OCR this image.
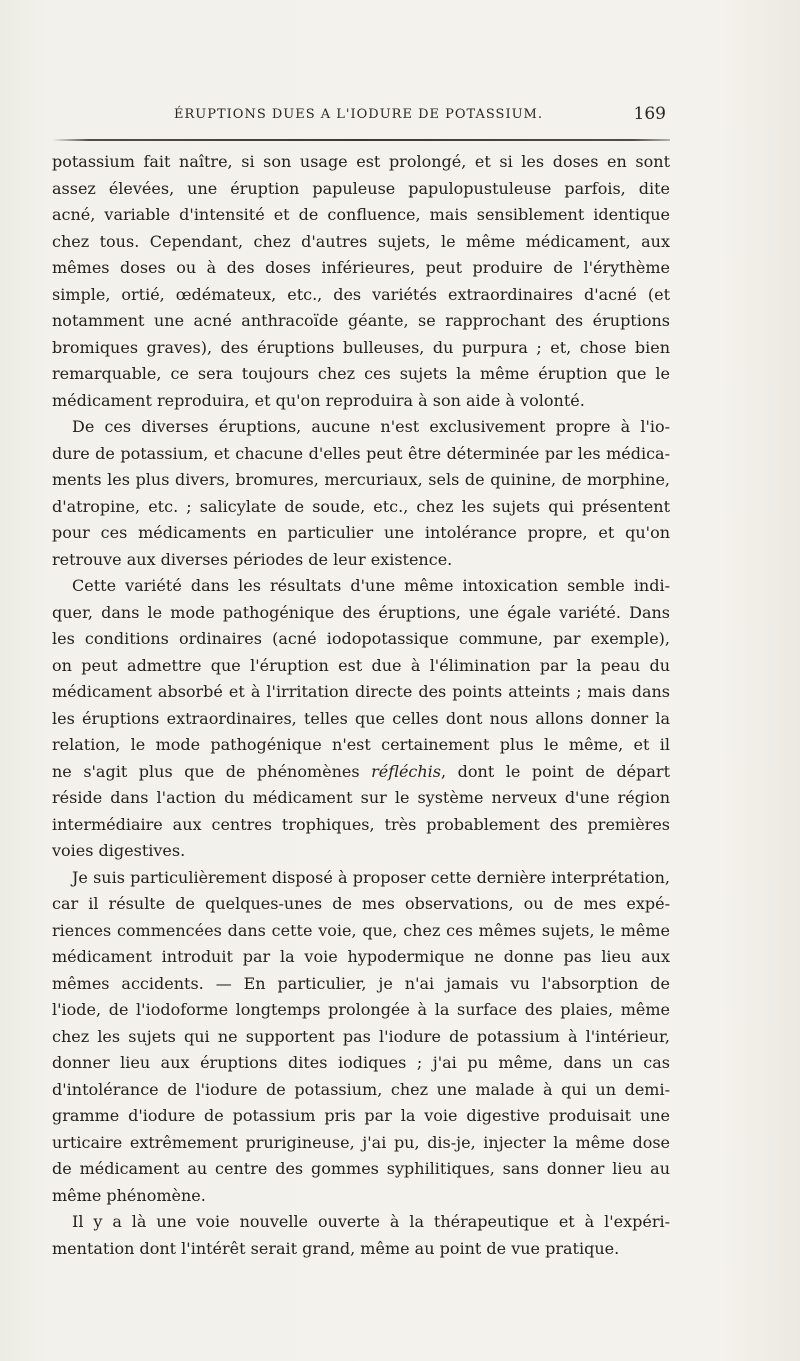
ÉRUPTIONS DUES A L'IODURE DE POTASSIUM.	169
potassium fait naître, si son usage est prolongé, et si les doses en sont
assez élevées, une éruption papuleuse papulopustuleuse parfois, dite
acné, variable d'intensité et de confluence, mais sensiblement identique
chez tous. Cependant, chez d'autres sujets, le même médicament, aux
mêmes doses ou à des doses inférieures, peut produire de l'érythème
simple, ortié, œdémateux, etc., des variétés extraordinaires d'acné (et
notamment une acné anthracoïde géante, se rapprochant des éruptions
bromiques graves), des éruptions bulleuses, du purpura ; et, chose bien
remarquable, ce sera toujours chez ces sujets la même éruption que le
médicament reproduira, et qu'on reproduira à son aide à volonté.
De ces diverses éruptions, aucune n'est exclusivement propre à l'io-
dure de potassium, et chacune d'elles peut être déterminée par les médica-
ments les plus divers, bromures, mercuriaux, sels de quinine, de morphine,
d'atropine, etc. ; salicylate de soude, etc., chez les sujets qui présentent
pour ces médicaments en particulier une intolérance propre, et qu'on
retrouve aux diverses périodes de leur existence.
Cette variété dans les résultats d'une même intoxication semble indi-
quer, dans le mode pathogénique des éruptions, une égale variété. Dans
les conditions ordinaires (acné iodopotassique commune, par exemple),
on peut admettre que l'éruption est due à l'élimination par la peau du
médicament absorbé et à l'irritation directe des points atteints ; mais dans
les éruptions extraordinaires, telles que celles dont nous allons donner la
relation, le mode pathogénique n'est certainement plus le même, et il
ne s'agit plus que de phénomènes réfléchis, dont le point de départ
réside dans l'action du médicament sur le système nerveux d'une région
intermédiaire aux centres trophiques, très probablement des premières
voies digestives.
Je suis particulièrement disposé à proposer cette dernière interprétation,
car il résulte de quelques-unes de mes observations, ou de mes expé-
riences commencées dans cette voie, que, chez ces mêmes sujets, le même
médicament introduit par la voie hypodermique ne donne pas lieu aux
mêmes accidents. — En particulier, je n'ai jamais vu l'absorption de
l'iode, de l'iodoforme longtemps prolongée à la surface des plaies, même
chez les sujets qui ne supportent pas l'iodure de potassium à l'intérieur,
donner lieu aux éruptions dites iodiques ; j'ai pu même, dans un cas
d'intolérance de l'iodure de potassium, chez une malade à qui un demi-
gramme d'iodure de potassium pris par la voie digestive produisait une
urticaire extrêmement prurigineuse, j'ai pu, dis-je, injecter la même dose
de médicament au centre des gommes syphilitiques, sans donner lieu au
même phénomène.
Il y a là une voie nouvelle ouverte à la thérapeutique et à l'expéri-
mentation dont l'intérêt serait grand, même au point de vue pratique.
